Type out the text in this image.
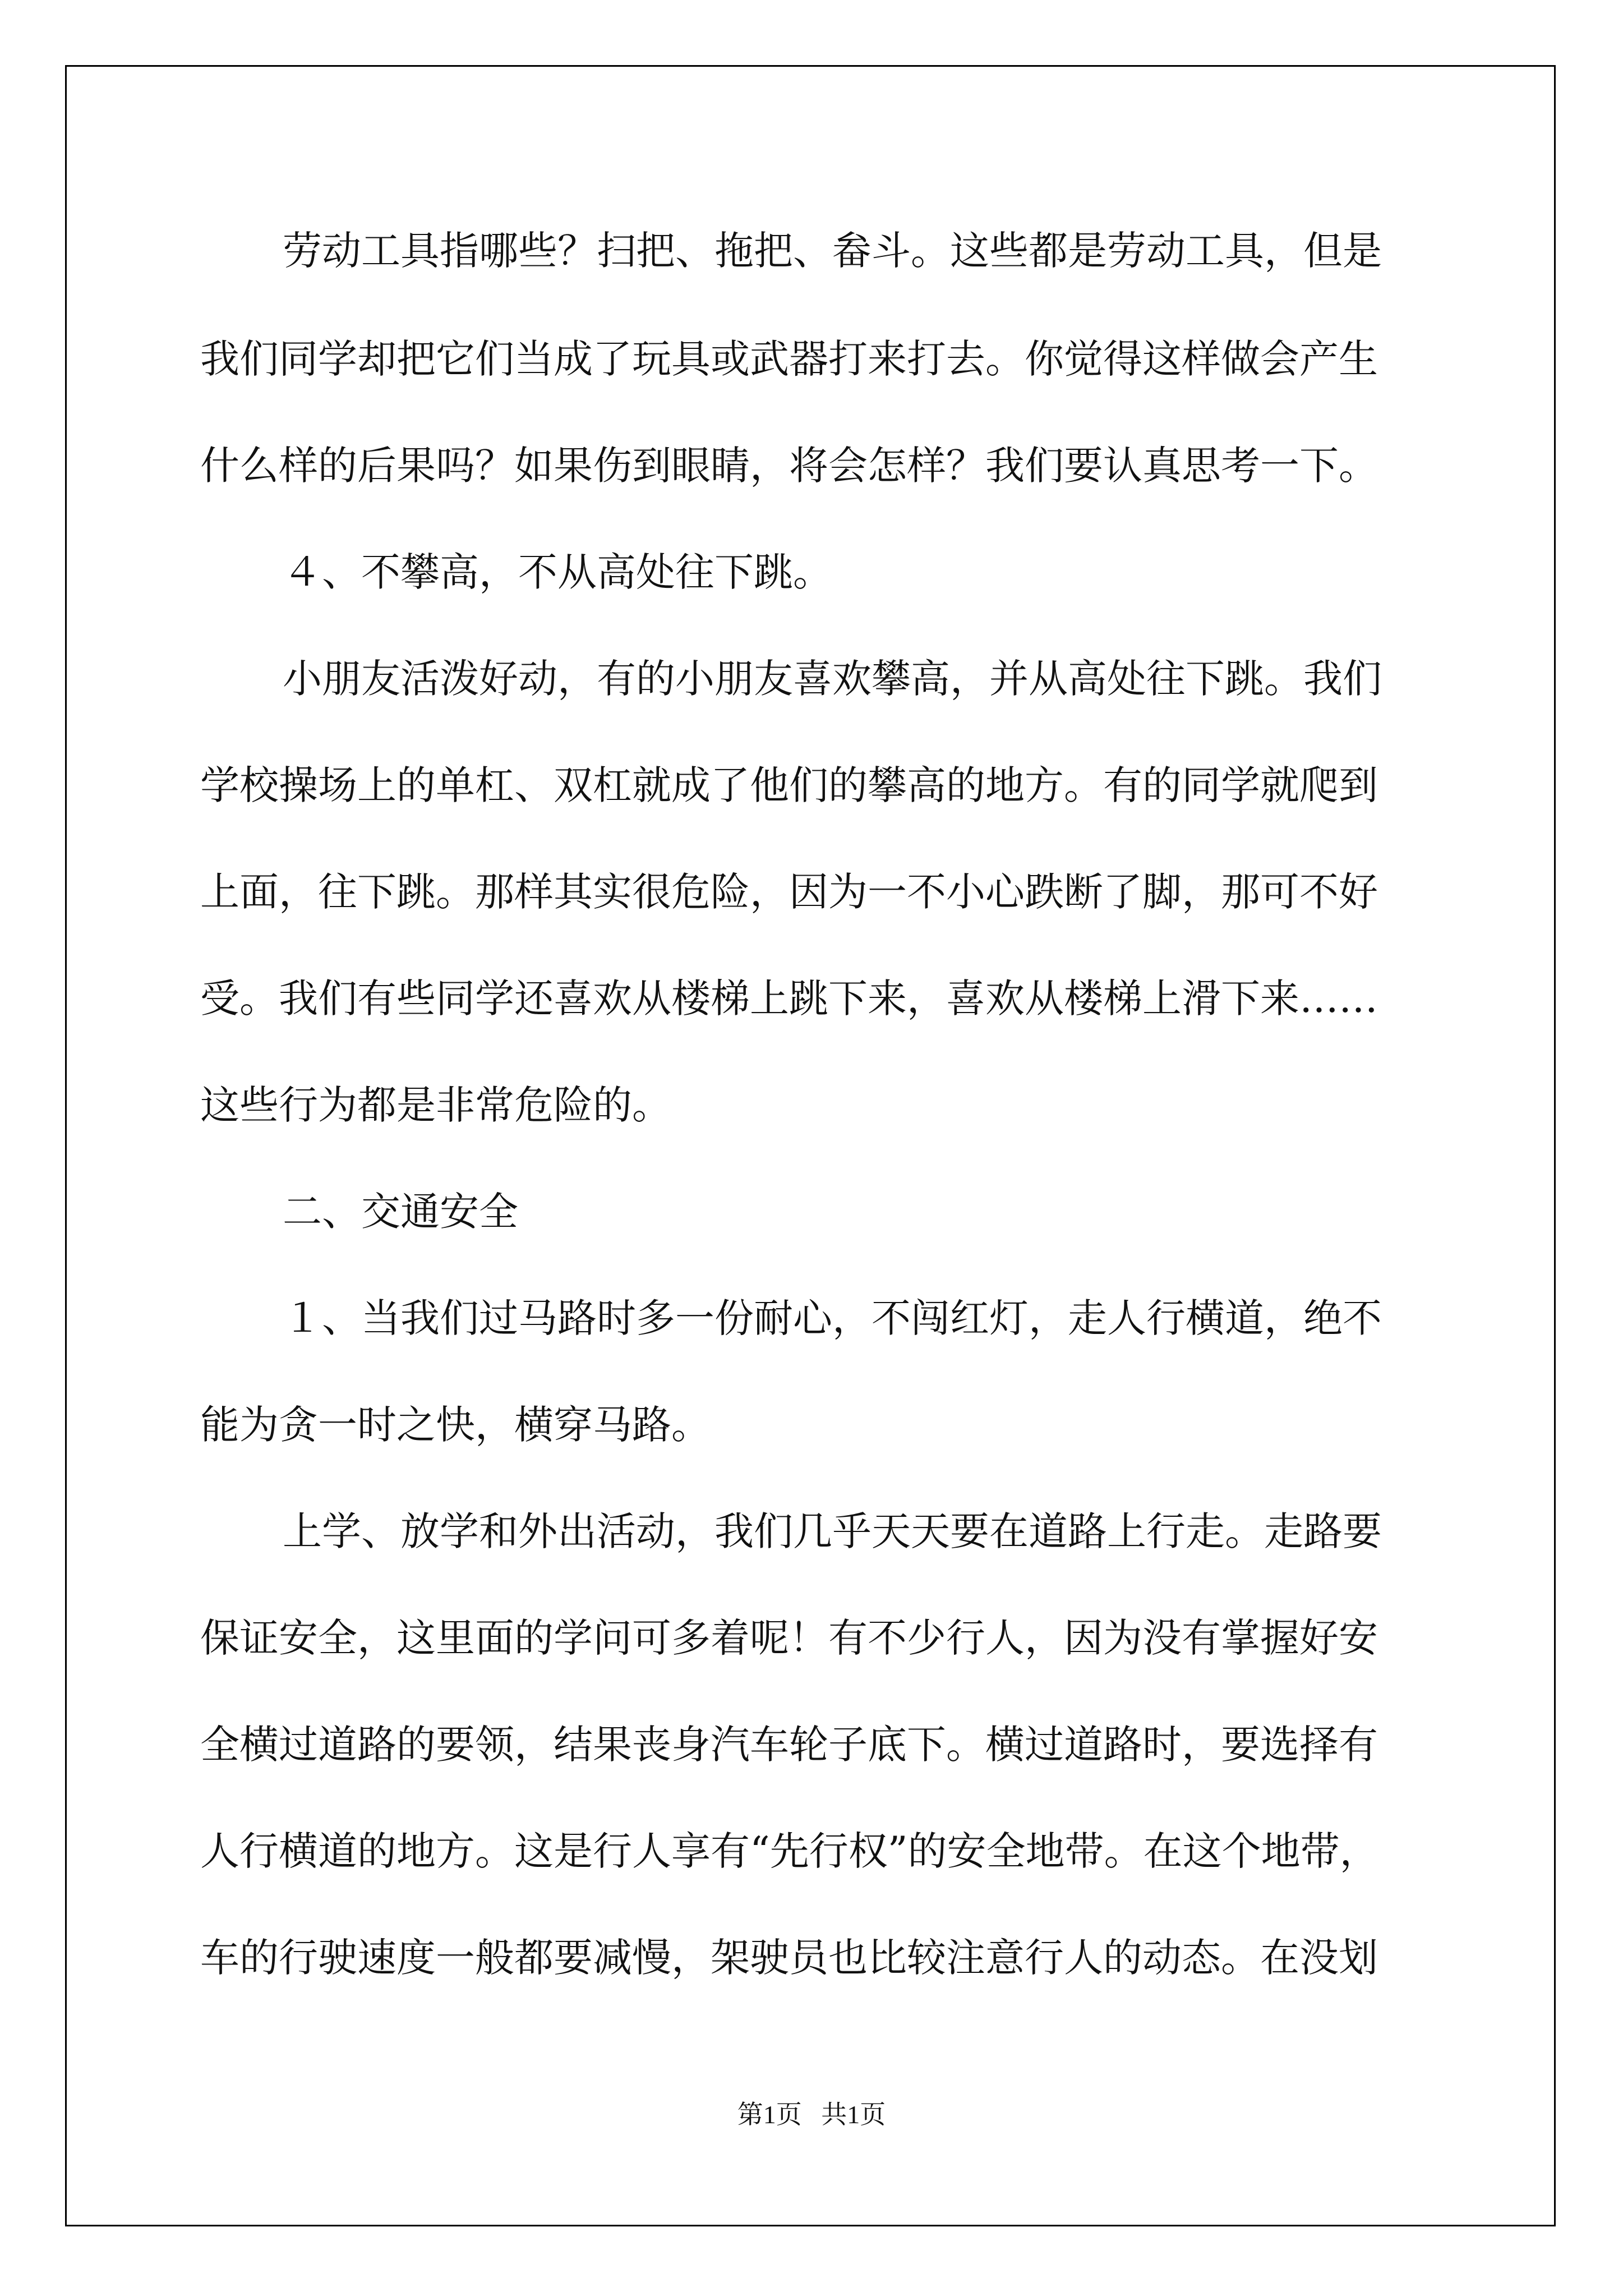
劳动工具指哪些？扫把、拖把、畚斗。这些都是劳动工具，但是

我们同学却把它们当成了玩具或武器打来打去。你觉得这样做会产生

什么样的后果吗？如果伤到眼睛，将会怎样？我们要认真思考一下。

４、不攀高，不从高处往下跳。

小朋友活泼好动，有的小朋友喜欢攀高，并从高处往下跳。我们

学校操场上的单杠、双杠就成了他们的攀高的地方。有的同学就爬到

上面，往下跳。那样其实很危险，因为一不小心跌断了脚，那可不好

受。我们有些同学还喜欢从楼梯上跳下来，喜欢从楼梯上滑下来……

这些行为都是非常危险的。

二、交通安全

１、当我们过马路时多一份耐心，不闯红灯，走人行横道，绝不

能为贪一时之快，横穿马路。

上学、放学和外出活动，我们几乎天天要在道路上行走。走路要

保证安全，这里面的学问可多着呢！有不少行人，因为没有掌握好安

全横过道路的要领，结果丧身汽车轮子底下。横过道路时，要选择有

人行横道的地方。这是行人享有“先行权”的安全地带。在这个地带，

车的行驶速度一般都要减慢，架驶员也比较注意行人的动态。在没划

第1页   共1页
